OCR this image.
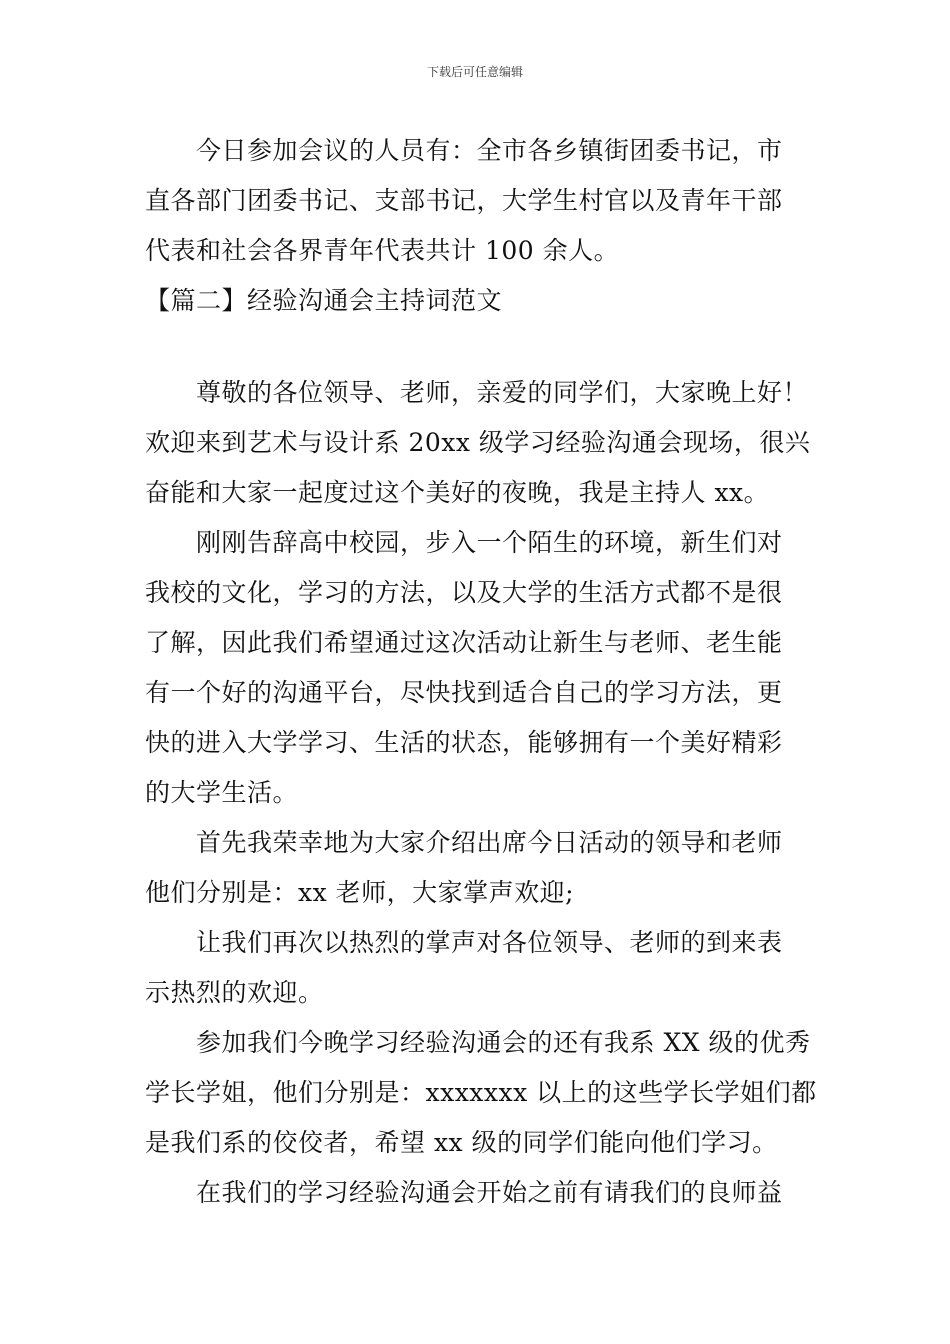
下载后可任意编辑

　　今日参加会议的人员有：全市各乡镇街团委书记，市

直各部门团委书记、支部书记，大学生村官以及青年干部

代表和社会各界青年代表共计 100 余人。

【篇二】经验沟通会主持词范文

　　尊敬的各位领导、老师，亲爱的同学们，大家晚上好！

欢迎来到艺术与设计系 20xx 级学习经验沟通会现场，很兴

奋能和大家一起度过这个美好的夜晚，我是主持人 xx。

　　刚刚告辞高中校园，步入一个陌生的环境，新生们对

我校的文化，学习的方法，以及大学的生活方式都不是很

了解，因此我们希望通过这次活动让新生与老师、老生能

有一个好的沟通平台，尽快找到适合自己的学习方法，更

快的进入大学学习、生活的状态，能够拥有一个美好精彩

的大学生活。

　　首先我荣幸地为大家介绍出席今日活动的领导和老师

他们分别是：xx 老师，大家掌声欢迎;

　　让我们再次以热烈的掌声对各位领导、老师的到来表

示热烈的欢迎。

　　参加我们今晚学习经验沟通会的还有我系 XX 级的优秀

学长学姐，他们分别是：xxxxxxx 以上的这些学长学姐们都

是我们系的佼佼者，希望 xx 级的同学们能向他们学习。

　　在我们的学习经验沟通会开始之前有请我们的良师益
